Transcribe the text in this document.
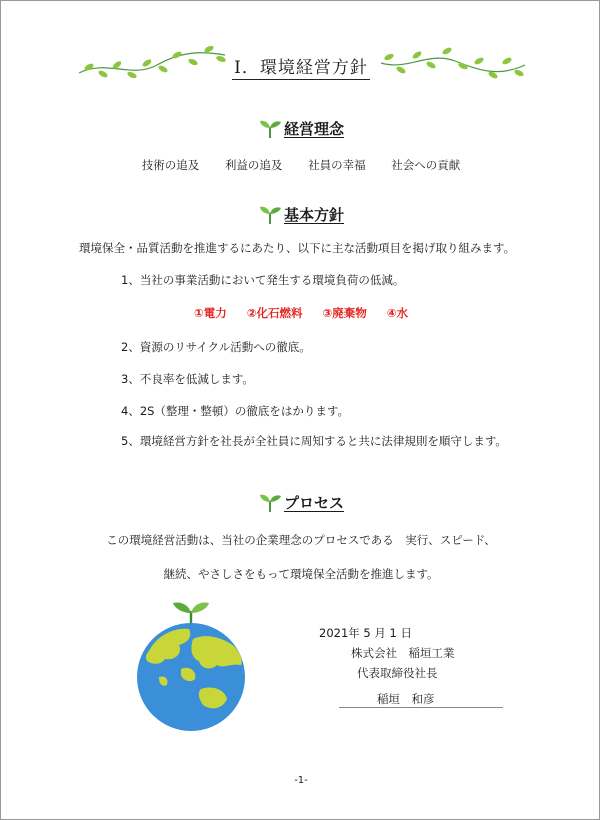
Ⅰ．環境経営方針
経営理念
技術の追及 利益の追及 社員の幸福 社会への貢献
基本方針
環境保全・品質活動を推進するにあたり、以下に主な活動項目を掲げ取り組みます。
1、当社の事業活動において発生する環境負荷の低減。
①電力 ②化石燃料 ③廃棄物 ④水
2、資源のリサイクル活動への徹底。
3、不良率を低減します。
4、2S（整理・整頓）の徹底をはかります。
5、環境経営方針を社長が全社員に周知すると共に法律規則を順守します。
プロセス
この環境経営活動は、当社の企業理念のプロセスである　実行、スピード、
継続、やさしさをもって環境保全活動を推進します。
2021年 5 月 1 日
株式会社　稲垣工業
代表取締役社長
稲垣　和彦
-1-
